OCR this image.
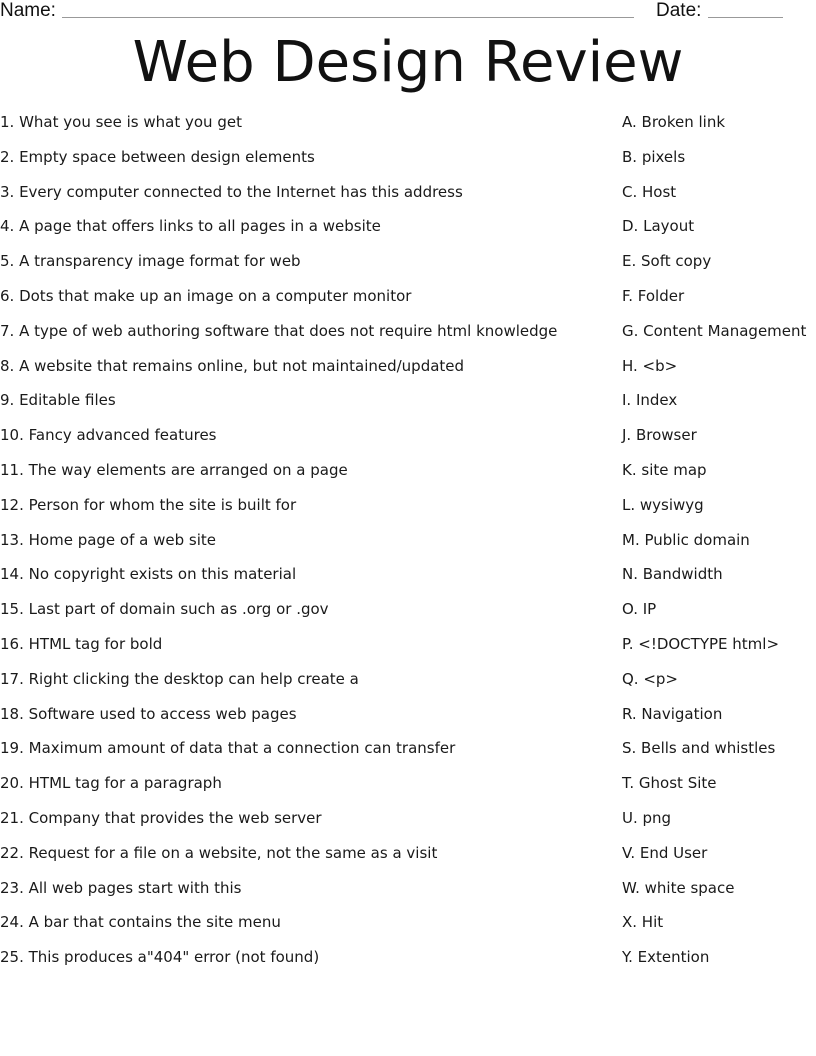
Name:	Date:
Web Design Review
1. What you see is what you get
2. Empty space between design elements
3. Every computer connected to the Internet has this address
4. A page that offers links to all pages in a website
5. A transparency image format for web
6. Dots that make up an image on a computer monitor
7. A type of web authoring software that does not require html knowledge
8. A website that remains online, but not maintained/updated
9. Editable files
10. Fancy advanced features
11. The way elements are arranged on a page
12. Person for whom the site is built for
13. Home page of a web site
14. No copyright exists on this material
15. Last part of domain such as .org or .gov
16. HTML tag for bold
17. Right clicking the desktop can help create a
18. Software used to access web pages
19. Maximum amount of data that a connection can transfer
20. HTML tag for a paragraph
21. Company that provides the web server
22. Request for a file on a website, not the same as a visit
23. All web pages start with this
24. A bar that contains the site menu
25. This produces a"404" error (not found)
A. Broken link
B. pixels
C. Host
D. Layout
E. Soft copy
F. Folder
G. Content Management
H. <b>
I. Index
J. Browser
K. site map
L. wysiwyg
M. Public domain
N. Bandwidth
O. IP
P. <!DOCTYPE html>
Q. <p>
R. Navigation
S. Bells and whistles
T. Ghost Site
U. png
V. End User
W. white space
X. Hit
Y. Extention
